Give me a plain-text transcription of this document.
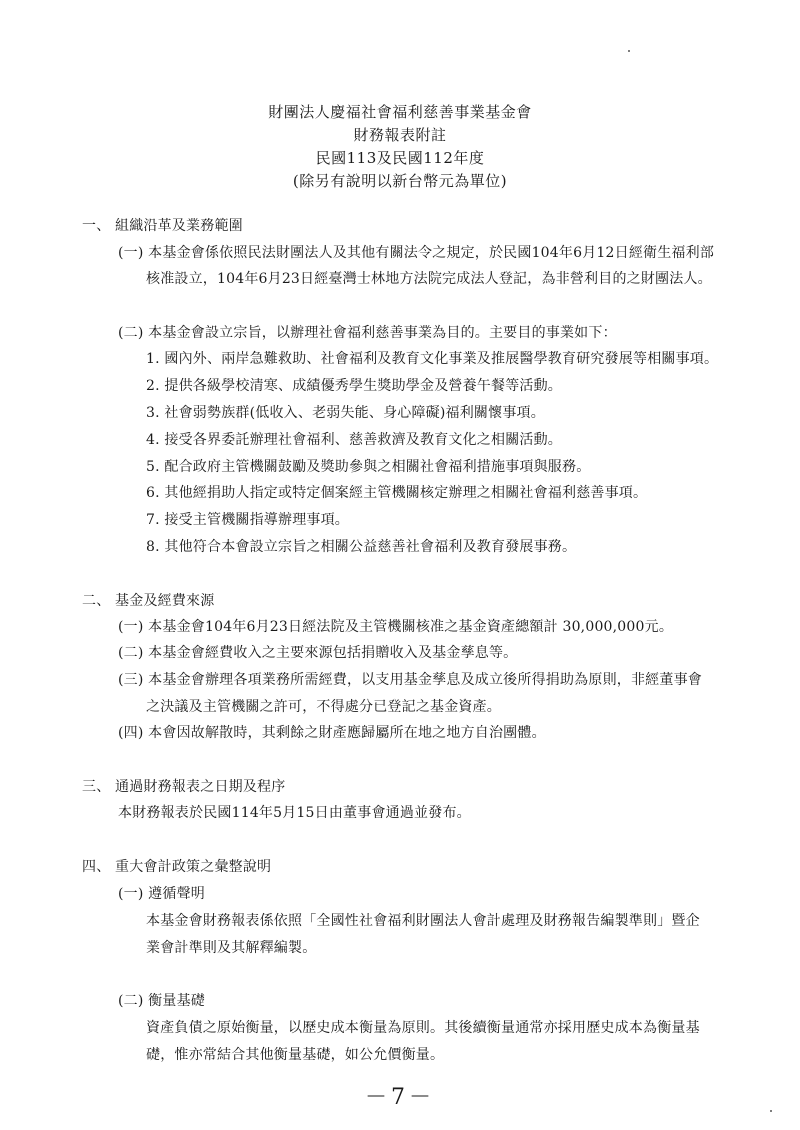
財團法人慶福社會福利慈善事業基金會
財務報表附註
民國113及民國112年度
(除另有說明以新台幣元為單位)
一、 組織沿革及業務範圍
(一) 本基金會係依照民法財團法人及其他有關法令之規定，於民國104年6月12日經衛生福利部
核准設立，104年6月23日經臺灣士林地方法院完成法人登記，為非營利目的之財團法人。
(二) 本基金會設立宗旨，以辦理社會福利慈善事業為目的。主要目的事業如下：
1. 國內外、兩岸急難救助、社會福利及教育文化事業及推展醫學教育研究發展等相關事項。
2. 提供各級學校清寒、成績優秀學生獎助學金及營養午餐等活動。
3. 社會弱勢族群(低收入、老弱失能、身心障礙)福利關懷事項。
4. 接受各界委託辦理社會福利、慈善救濟及教育文化之相關活動。
5. 配合政府主管機關鼓勵及獎助參與之相關社會福利措施事項與服務。
6. 其他經捐助人指定或特定個案經主管機關核定辦理之相關社會福利慈善事項。
7. 接受主管機關指導辦理事項。
8. 其他符合本會設立宗旨之相關公益慈善社會福利及教育發展事務。
二、 基金及經費來源
(一) 本基金會104年6月23日經法院及主管機關核准之基金資產總額計 30,000,000元。
(二) 本基金會經費收入之主要來源包括捐贈收入及基金孳息等。
(三) 本基金會辦理各項業務所需經費，以支用基金孳息及成立後所得捐助為原則，非經董事會
之決議及主管機關之許可，不得處分已登記之基金資產。
(四) 本會因故解散時，其剩餘之財產應歸屬所在地之地方自治團體。
三、 通過財務報表之日期及程序
本財務報表於民國114年5月15日由董事會通過並發布。
四、 重大會計政策之彙整說明
(一) 遵循聲明
本基金會財務報表係依照「全國性社會福利財團法人會計處理及財務報告編製準則」暨企
業會計準則及其解釋編製。
(二) 衡量基礎
資產負債之原始衡量，以歷史成本衡量為原則。其後續衡量通常亦採用歷史成本為衡量基
礎，惟亦常結合其他衡量基礎，如公允價衡量。
－7－
